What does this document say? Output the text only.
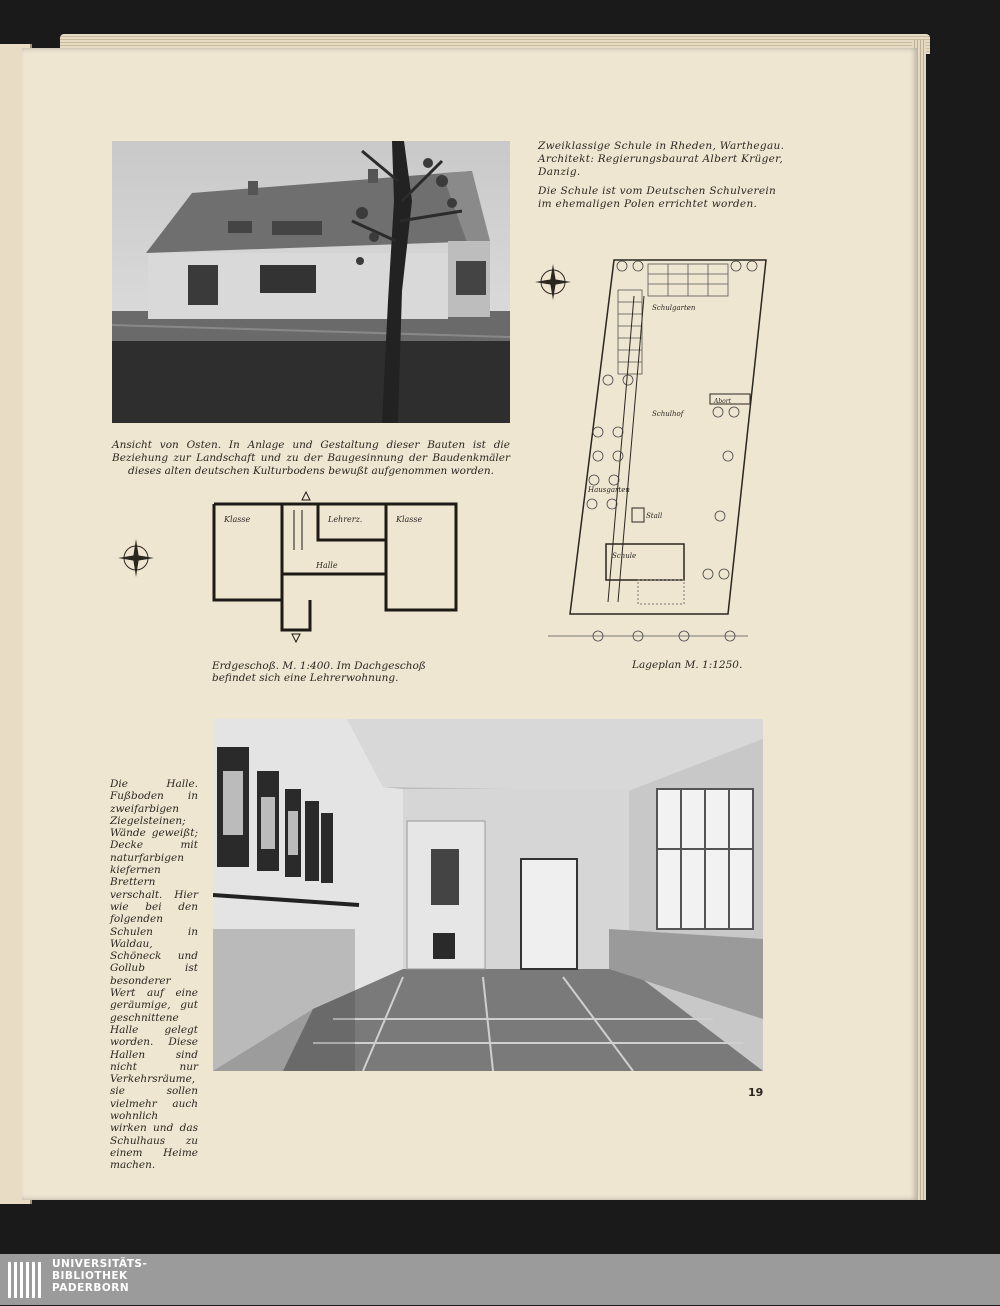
Zweiklassige Schule in Rheden, Warthegau. Architekt: Regierungsbaurat Albert Krüger, Danzig.

Die Schule ist vom Deutschen Schulverein im ehemaligen Polen errichtet worden.

Ansicht von Osten. In Anlage und Gestaltung dieser Bauten ist die Beziehung zur Landschaft und zu der Baugesinnung der Baudenkmäler dieses alten deutschen Kulturbodens bewußt aufgenommen worden.
Schulgarten
Schulhof
Hausgarten
Stall
Schule
Abort
Lageplan M. 1:1250.
Klasse	Lehrerz.	Klasse
Halle
Erdgeschoß. M. 1:400. Im Dachgeschoß befindet sich eine Lehrerwohnung.
Die Halle. Fußboden in zweifarbigen Ziegelsteinen; Wände geweißt; Decke mit naturfarbigen kiefernen Brettern verschalt. Hier wie bei den folgenden Schulen in Waldau, Schöneck und Gollub ist besonderer Wert auf eine geräumige, gut geschnittene Halle gelegt worden. Diese Hallen sind nicht nur Verkehrsräume, sie sollen vielmehr auch wohnlich wirken und das Schulhaus zu einem Heime machen.
19
UNIVERSITÄTS-
BIBLIOTHEK
PADERBORN
